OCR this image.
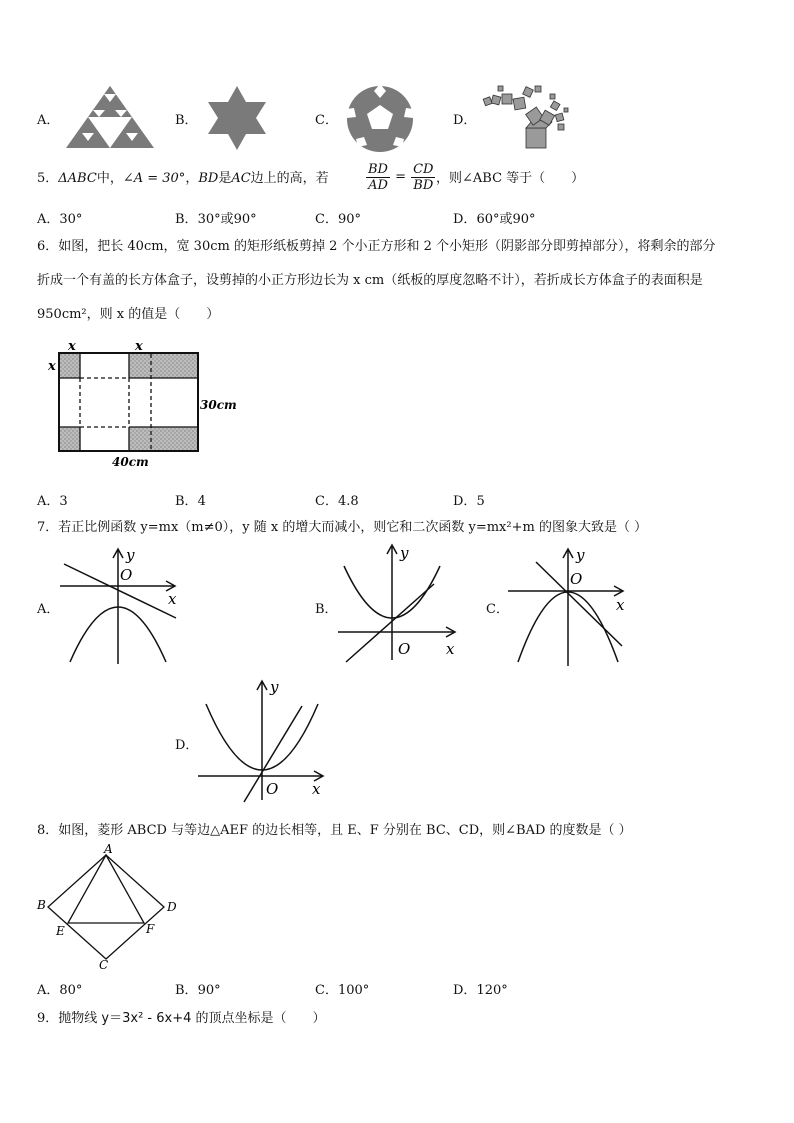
A．	B．	C．	D．
5．ΔABC中，∠A = 30°，BD是AC边上的高，若	$\frac{BD}{AD} = \frac{CD}{BD}$ ，则∠ABC 等于（　　）
A．30°	B．30°或90°	C．90°	D．60°或90°
6．如图，把长 40cm，宽 30cm 的矩形纸板剪掉 2 个小正方形和 2 个小矩形（阴影部分即剪掉部分），将剩余的部分
折成一个有盖的长方体盒子，设剪掉的小正方形边长为 x cm（纸板的厚度忽略不计），若折成长方体盒子的表面积是
950cm²，则 x 的值是（　　）
x	x
x
30cm
40cm
A．3	B．4	C．4.8	D．5
7．若正比例函数 y=mx（m≠0），y 随 x 的增大而减小，则它和二次函数 y=mx²+m 的图象大致是（ ）
A．
y
O
x
B．
y
O x
C．
y
O
x
D．
y
O x
8．如图，菱形 ABCD 与等边△AEF 的边长相等，且 E、F 分别在 BC、CD，则∠BAD 的度数是（ ）
A
B
C
D
E	F
A．80°	B．90°	C．100°	D．120°
9．抛物线 y＝3x² - 6x+4 的顶点坐标是（　　）
